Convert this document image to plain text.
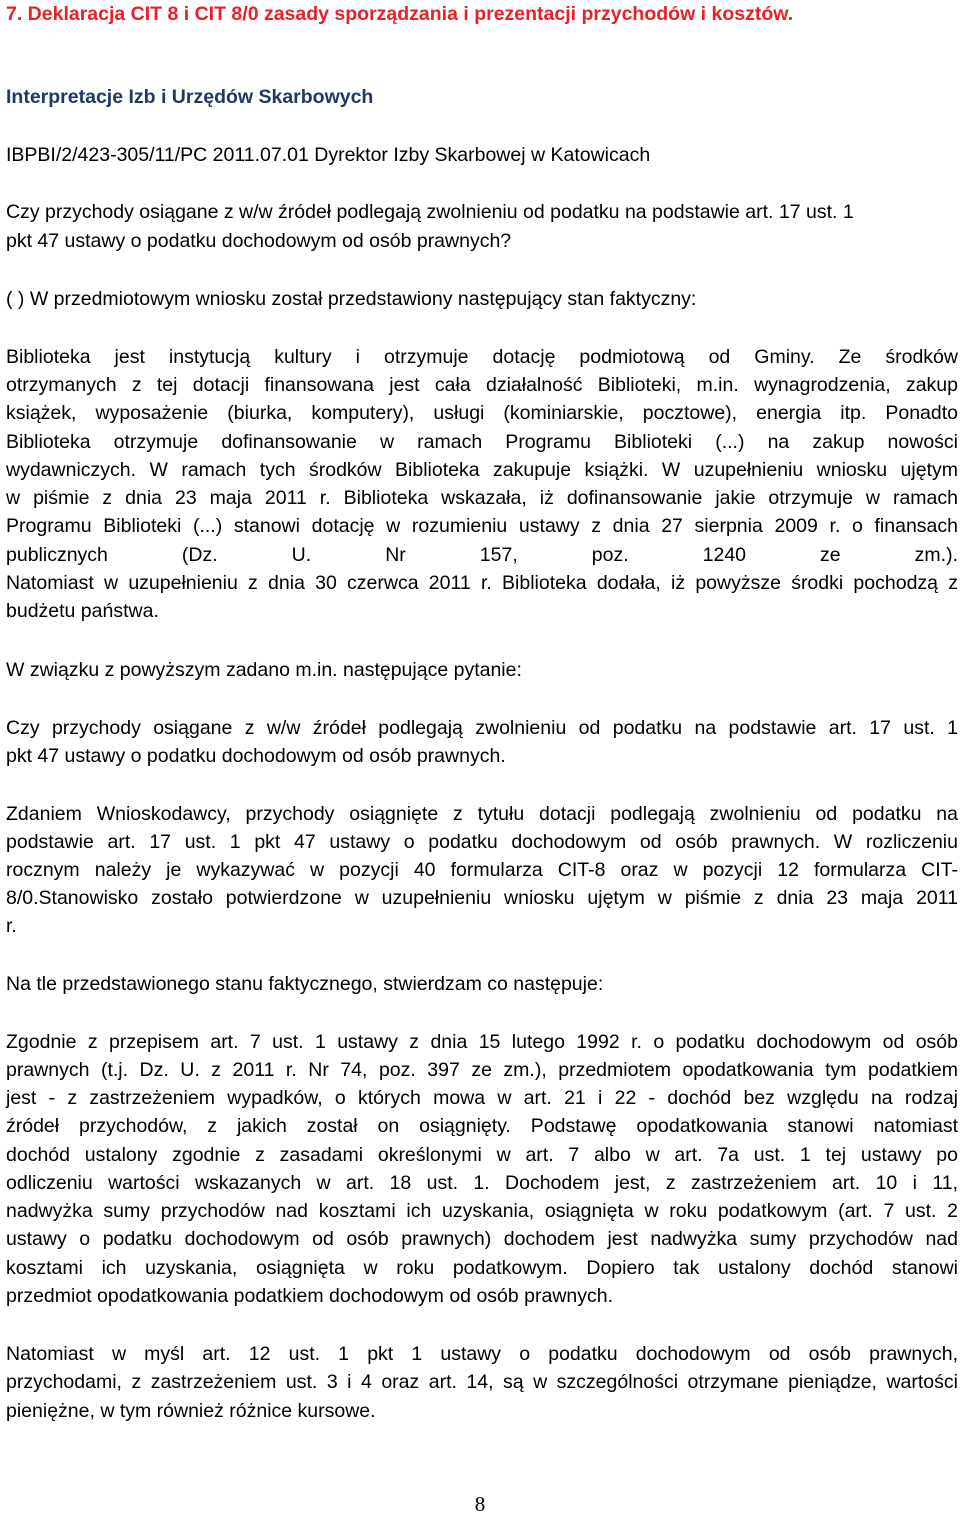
7. Deklaracja CIT 8 i CIT 8/0 zasady sporządzania i prezentacji przychodów i kosztów.
Interpretacje Izb i Urzędów Skarbowych
IBPBI/2/423-305/11/PC 2011.07.01 Dyrektor Izby Skarbowej w Katowicach
Czy przychody osiągane z w/w źródeł podlegają zwolnieniu od podatku na podstawie art. 17 ust. 1
pkt 47 ustawy o podatku dochodowym od osób prawnych?
( ) W przedmiotowym wniosku został przedstawiony następujący stan faktyczny:
Biblioteka jest instytucją kultury i otrzymuje dotację podmiotową od Gminy. Ze środków
otrzymanych z tej dotacji finansowana jest cała działalność Biblioteki, m.in. wynagrodzenia, zakup
książek, wyposażenie (biurka, komputery), usługi (kominiarskie, pocztowe), energia itp. Ponadto
Biblioteka otrzymuje dofinansowanie w ramach Programu Biblioteki (...) na zakup nowości
wydawniczych. W ramach tych środków Biblioteka zakupuje książki. W uzupełnieniu wniosku ujętym
w piśmie z dnia 23 maja 2011 r. Biblioteka wskazała, iż dofinansowanie jakie otrzymuje w ramach
Programu Biblioteki (...) stanowi dotację w rozumieniu ustawy z dnia 27 sierpnia 2009 r. o finansach
publicznych (Dz. U. Nr 157, poz. 1240 ze zm.).
Natomiast w uzupełnieniu z dnia 30 czerwca 2011 r. Biblioteka dodała, iż powyższe środki pochodzą z
budżetu państwa.
W związku z powyższym zadano m.in. następujące pytanie:
Czy przychody osiągane z w/w źródeł podlegają zwolnieniu od podatku na podstawie art. 17 ust. 1
pkt 47 ustawy o podatku dochodowym od osób prawnych.
Zdaniem Wnioskodawcy, przychody osiągnięte z tytułu dotacji podlegają zwolnieniu od podatku na
podstawie art. 17 ust. 1 pkt 47 ustawy o podatku dochodowym od osób prawnych. W rozliczeniu
rocznym należy je wykazywać w pozycji 40 formularza CIT-8 oraz w pozycji 12 formularza CIT-
8/0.Stanowisko zostało potwierdzone w uzupełnieniu wniosku ujętym w piśmie z dnia 23 maja 2011
r.
Na tle przedstawionego stanu faktycznego, stwierdzam co następuje:
Zgodnie z przepisem art. 7 ust. 1 ustawy z dnia 15 lutego 1992 r. o podatku dochodowym od osób
prawnych (t.j. Dz. U. z 2011 r. Nr 74, poz. 397 ze zm.), przedmiotem opodatkowania tym podatkiem
jest - z zastrzeżeniem wypadków, o których mowa w art. 21 i 22 - dochód bez względu na rodzaj
źródeł przychodów, z jakich został on osiągnięty. Podstawę opodatkowania stanowi natomiast
dochód ustalony zgodnie z zasadami określonymi w art. 7 albo w art. 7a ust. 1 tej ustawy po
odliczeniu wartości wskazanych w art. 18 ust. 1. Dochodem jest, z zastrzeżeniem art. 10 i 11,
nadwyżka sumy przychodów nad kosztami ich uzyskania, osiągnięta w roku podatkowym (art. 7 ust. 2
ustawy o podatku dochodowym od osób prawnych) dochodem jest nadwyżka sumy przychodów nad
kosztami ich uzyskania, osiągnięta w roku podatkowym. Dopiero tak ustalony dochód stanowi
przedmiot opodatkowania podatkiem dochodowym od osób prawnych.
Natomiast w myśl art. 12 ust. 1 pkt 1 ustawy o podatku dochodowym od osób prawnych,
przychodami, z zastrzeżeniem ust. 3 i 4 oraz art. 14, są w szczególności otrzymane pieniądze, wartości
pieniężne, w tym również różnice kursowe.
8
